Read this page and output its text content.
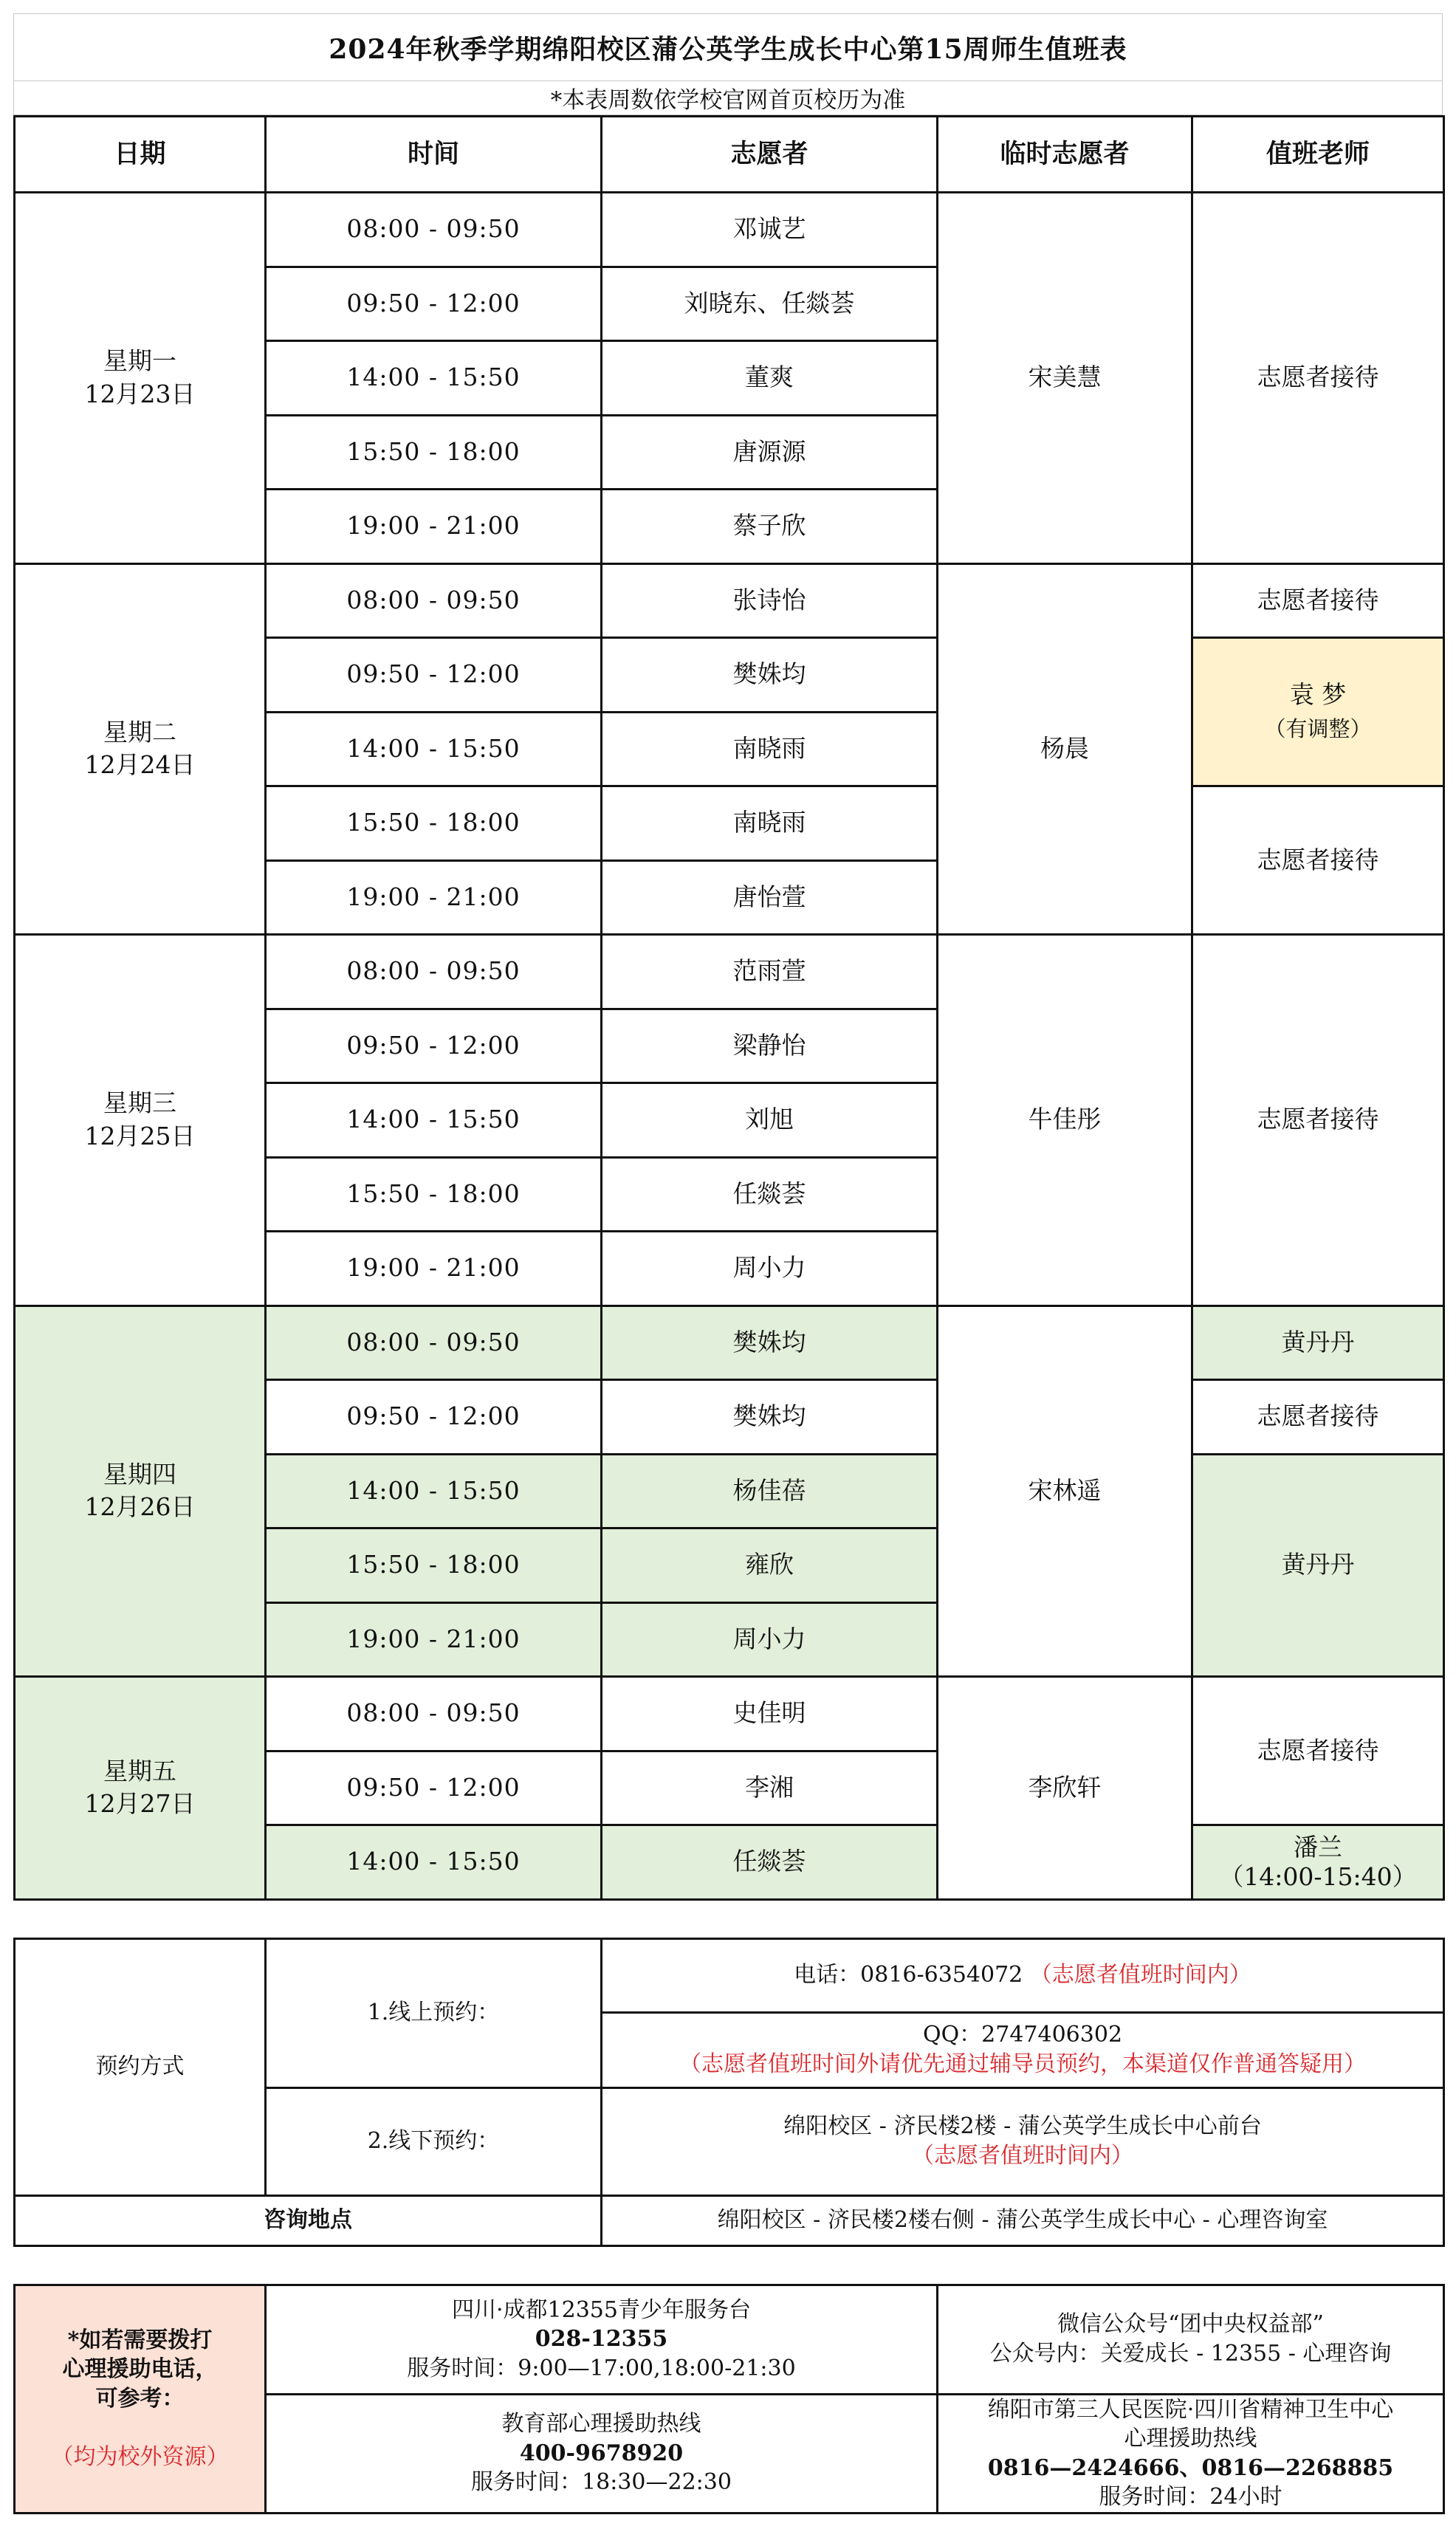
2024年秋季学期绵阳校区蒲公英学生成长中心第15周师生值班表
*本表周数依学校官网首页校历为准
日期	时间	志愿者	临时志愿者	值班老师
星期一
12月23日	08:00 - 09:50	邓诚艺	宋美慧	志愿者接待
	09:50 - 12:00	刘晓东、任燚荟		
	14:00 - 15:50	董爽		
	15:50 - 18:00	唐源源		
	19:00 - 21:00	蔡子欣		
星期二
12月24日	08:00 - 09:50	张诗怡	杨晨	志愿者接待
	09:50 - 12:00	樊姝均		袁 梦
（有调整）
	14:00 - 15:50	南晓雨		
	15:50 - 18:00	南晓雨		志愿者接待
	19:00 - 21:00	唐怡萱		
星期三
12月25日	08:00 - 09:50	范雨萱	牛佳彤	志愿者接待
	09:50 - 12:00	梁静怡		
	14:00 - 15:50	刘旭		
	15:50 - 18:00	任燚荟		
	19:00 - 21:00	周小力		
星期四
12月26日	08:00 - 09:50	樊姝均	宋林遥	黄丹丹
	09:50 - 12:00	樊姝均		志愿者接待
	14:00 - 15:50	杨佳蓓		黄丹丹
	15:50 - 18:00	雍欣		
	19:00 - 21:00	周小力		
星期五
12月27日	08:00 - 09:50	史佳明	李欣轩	志愿者接待
	09:50 - 12:00	李湘		
	14:00 - 15:50	任燚荟		潘兰
（14:00-15:40）
预约方式	1.线上预约：	电话：0816-6354072 （志愿者值班时间内）
		QQ：2747406302
（志愿者值班时间外请优先通过辅导员预约，本渠道仅作普通答疑用）
	2.线下预约：	绵阳校区 - 济民楼2楼 - 蒲公英学生成长中心前台
（志愿者值班时间内）
咨询地点		绵阳校区 - 济民楼2楼右侧 - 蒲公英学生成长中心 - 心理咨询室
*如若需要拨打
心理援助电话，
可参考：

（均为校外资源）	四川·成都12355青少年服务台
028-12355
服务时间：9:00—17:00,18:00-21:30	微信公众号“团中央权益部”
公众号内：关爱成长 - 12355 - 心理咨询
	教育部心理援助热线
400-9678920
服务时间：18:30—22:30	绵阳市第三人民医院·四川省精神卫生中心
心理援助热线
0816—2424666、0816—2268885
服务时间：24小时
